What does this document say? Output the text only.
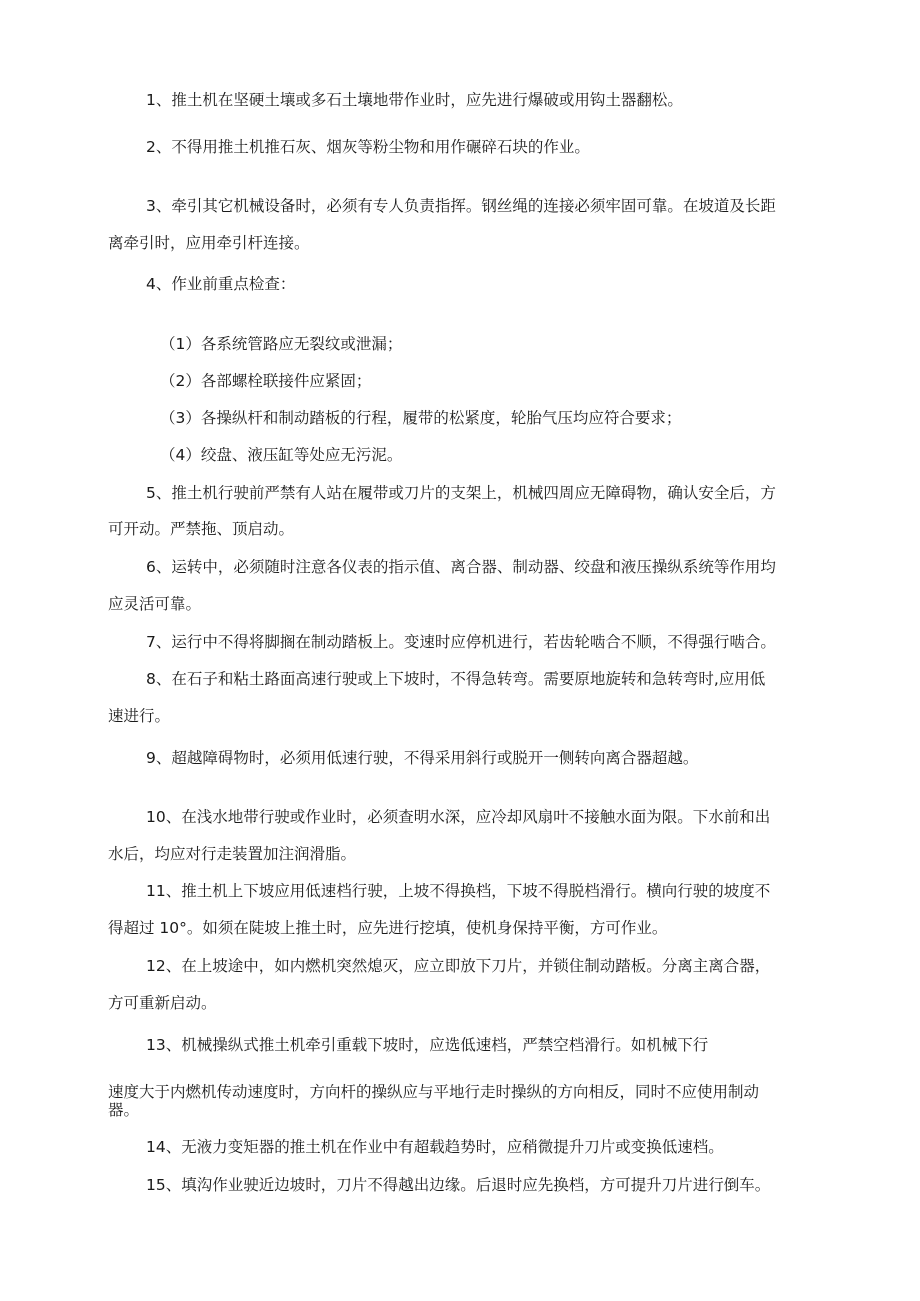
1、推土机在坚硬土壤或多石土壤地带作业时，应先进行爆破或用钩土器翻松。
2、不得用推土机推石灰、烟灰等粉尘物和用作碾碎石块的作业。
3、牵引其它机械设备时，必须有专人负责指挥。钢丝绳的连接必须牢固可靠。在坡道及长距
离牵引时，应用牵引杆连接。
4、作业前重点检查：
（1）各系统管路应无裂纹或泄漏；
（2）各部螺栓联接件应紧固；
（3）各操纵杆和制动踏板的行程，履带的松紧度，轮胎气压均应符合要求；
（4）绞盘、液压缸等处应无污泥。
5、推土机行驶前严禁有人站在履带或刀片的支架上，机械四周应无障碍物，确认安全后，方
可开动。严禁拖、顶启动。
6、运转中，必须随时注意各仪表的指示值、离合器、制动器、绞盘和液压操纵系统等作用均
应灵活可靠。
7、运行中不得将脚搁在制动踏板上。变速时应停机进行，若齿轮啮合不顺，不得强行啮合。
8、在石子和粘土路面高速行驶或上下坡时，不得急转弯。需要原地旋转和急转弯时,应用低
速进行。
9、超越障碍物时，必须用低速行驶，不得采用斜行或脱开一侧转向离合器超越。
10、在浅水地带行驶或作业时，必须查明水深，应冷却风扇叶不接触水面为限。下水前和出
水后，均应对行走装置加注润滑脂。
11、推土机上下坡应用低速档行驶，上坡不得换档，下坡不得脱档滑行。横向行驶的坡度不
得超过 10°。如须在陡坡上推土时，应先进行挖填，使机身保持平衡，方可作业。
12、在上坡途中，如内燃机突然熄灭，应立即放下刀片，并锁住制动踏板。分离主离合器，
方可重新启动。
13、机械操纵式推土机牵引重载下坡时，应选低速档，严禁空档滑行。如机械下行
速度大于内燃机传动速度时，方向杆的操纵应与平地行走时操纵的方向相反，同时不应使用制动
器。
14、无液力变矩器的推土机在作业中有超载趋势时，应稍微提升刀片或变换低速档。
15、填沟作业驶近边坡时，刀片不得越出边缘。后退时应先换档，方可提升刀片进行倒车。
